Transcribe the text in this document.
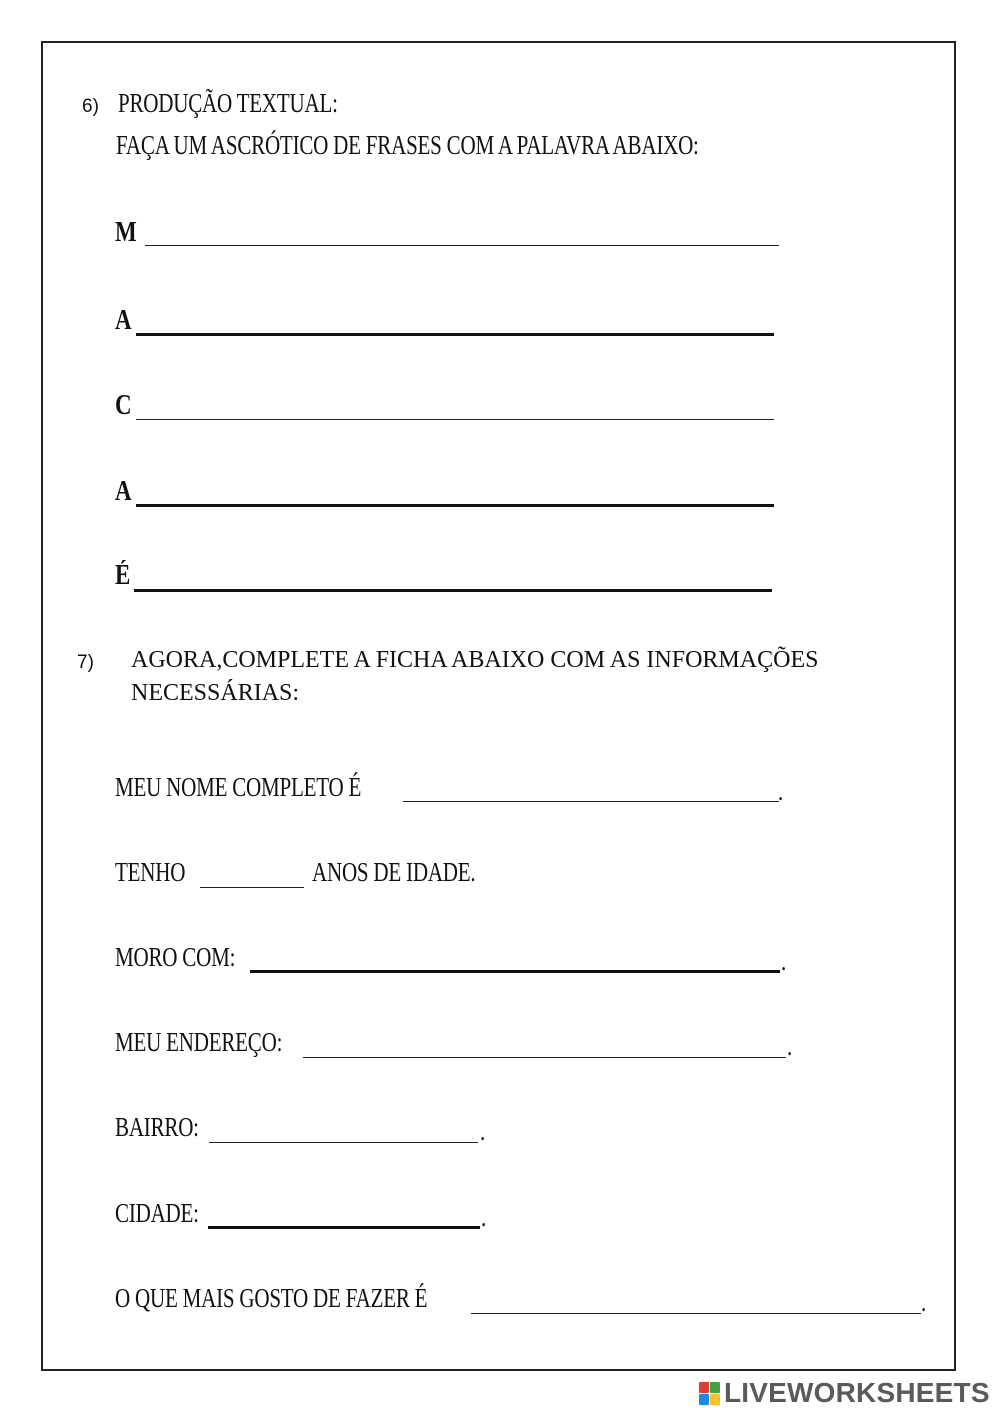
6) PRODUÇÃO TEXTUAL:
FAÇA UM ASCRÓTICO DE FRASES COM A PALAVRA ABAIXO:
M
A
C
A
É
7) AGORA,COMPLETE A FICHA ABAIXO COM AS INFORMAÇÕES
NECESSÁRIAS:
MEU NOME COMPLETO É	.
TENHO	ANOS DE IDADE.
MORO COM:	.
MEU ENDEREÇO:	.
BAIRRO:	.
CIDADE:	.
O QUE MAIS GOSTO DE FAZER É	.
LIVEWORKSHEETS
